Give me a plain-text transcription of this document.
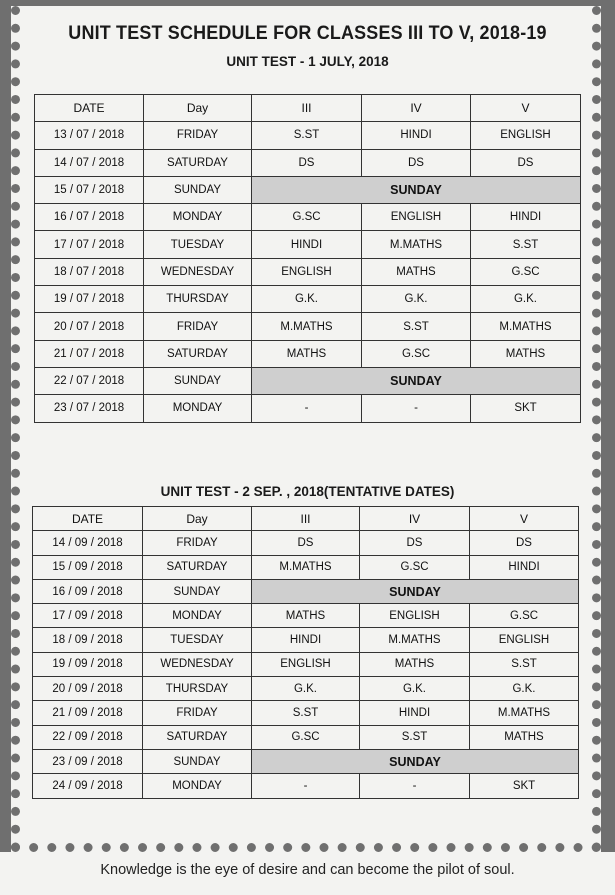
UNIT TEST SCHEDULE FOR CLASSES III TO V, 2018-19
UNIT TEST - 1 JULY, 2018
DATE	Day	III	IV	V
13 / 07 / 2018	FRIDAY	S.ST	HINDI	ENGLISH
14 / 07 / 2018	SATURDAY	DS	DS	DS
15 / 07 / 2018	SUNDAY	SUNDAY		
16 / 07 / 2018	MONDAY	G.SC	ENGLISH	HINDI
17 / 07 / 2018	TUESDAY	HINDI	M.MATHS	S.ST
18 / 07 / 2018	WEDNESDAY	ENGLISH	MATHS	G.SC
19 / 07 / 2018	THURSDAY	G.K.	G.K.	G.K.
20 / 07 / 2018	FRIDAY	M.MATHS	S.ST	M.MATHS
21 / 07 / 2018	SATURDAY	MATHS	G.SC	MATHS
22 / 07 / 2018	SUNDAY	SUNDAY		
23 / 07 / 2018	MONDAY	-	-	SKT
UNIT TEST - 2 SEP. , 2018(TENTATIVE DATES)
DATE	Day	III	IV	V
14 / 09 / 2018	FRIDAY	DS	DS	DS
15 / 09 / 2018	SATURDAY	M.MATHS	G.SC	HINDI
16 / 09 / 2018	SUNDAY	SUNDAY		
17 / 09 / 2018	MONDAY	MATHS	ENGLISH	G.SC
18 / 09 / 2018	TUESDAY	HINDI	M.MATHS	ENGLISH
19 / 09 / 2018	WEDNESDAY	ENGLISH	MATHS	S.ST
20 / 09 / 2018	THURSDAY	G.K.	G.K.	G.K.
21 / 09 / 2018	FRIDAY	S.ST	HINDI	M.MATHS
22 / 09 / 2018	SATURDAY	G.SC	S.ST	MATHS
23 / 09 / 2018	SUNDAY	SUNDAY		
24 / 09 / 2018	MONDAY	-	-	SKT
Knowledge is the eye of desire and can become the pilot of soul.
